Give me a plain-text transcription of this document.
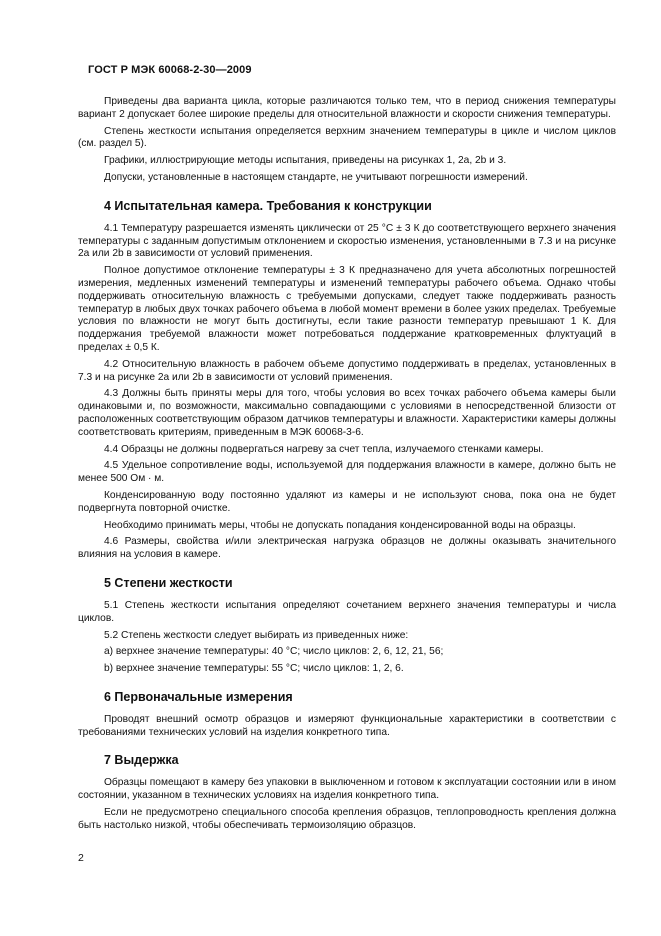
ГОСТ Р МЭК 60068-2-30—2009

Приведены два варианта цикла, которые различаются только тем, что в период снижения температуры вариант 2 допускает более широкие пределы для относительной влажности и скорости снижения температуры.

Степень жесткости испытания определяется верхним значением температуры в цикле и числом циклов (см. раздел 5).

Графики, иллюстрирующие методы испытания, приведены на рисунках 1, 2а, 2b и 3.

Допуски, установленные в настоящем стандарте, не учитывают погрешности измерений.

4 Испытательная камера. Требования к конструкции

4.1 Температуру разрешается изменять циклически от 25 °С ± 3 К до соответствующего верхнего значения температуры с заданным допустимым отклонением и скоростью изменения, установленными в 7.3 и на рисунке 2а или 2b в зависимости от условий применения.

Полное допустимое отклонение температуры ± 3 К предназначено для учета абсолютных погрешностей измерения, медленных изменений температуры и изменений температуры рабочего объема. Однако чтобы поддерживать относительную влажность с требуемыми допусками, следует также поддерживать разность температур в любых двух точках рабочего объема в любой момент времени в более узких пределах. Требуемые условия по влажности не могут быть достигнуты, если такие разности температур превышают 1 К. Для поддержания требуемой влажности может потребоваться поддержание кратковременных флуктуаций в пределах ± 0,5 К.

4.2 Относительную влажность в рабочем объеме допустимо поддерживать в пределах, установленных в 7.3 и на рисунке 2а или 2b в зависимости от условий применения.

4.3 Должны быть приняты меры для того, чтобы условия во всех точках рабочего объема камеры были одинаковыми и, по возможности, максимально совпадающими с условиями в непосредственной близости от расположенных соответствующим образом датчиков температуры и влажности. Характеристики камеры должны соответствовать критериям, приведенным в МЭК 60068-3-6.

4.4 Образцы не должны подвергаться нагреву за счет тепла, излучаемого стенками камеры.

4.5 Удельное сопротивление воды, используемой для поддержания влажности в камере, должно быть не менее 500 Ом · м.

Конденсированную воду постоянно удаляют из камеры и не используют снова, пока она не будет подвергнута повторной очистке.

Необходимо принимать меры, чтобы не допускать попадания конденсированной воды на образцы.

4.6 Размеры, свойства и/или электрическая нагрузка образцов не должны оказывать значительного влияния на условия в камере.

5 Степени жесткости

5.1 Степень жесткости испытания определяют сочетанием верхнего значения температуры и числа циклов.

5.2 Степень жесткости следует выбирать из приведенных ниже:

а) верхнее значение температуры: 40 °С; число циклов: 2, 6, 12, 21, 56;

b) верхнее значение температуры: 55 °С; число циклов: 1, 2, 6.

6 Первоначальные измерения

Проводят внешний осмотр образцов и измеряют функциональные характеристики в соответствии с требованиями технических условий на изделия конкретного типа.

7 Выдержка

Образцы помещают в камеру без упаковки в выключенном и готовом к эксплуатации состоянии или в ином состоянии, указанном в технических условиях на изделия конкретного типа.

Если не предусмотрено специального способа крепления образцов, теплопроводность крепления должна быть настолько низкой, чтобы обеспечивать термоизоляцию образцов.

2
